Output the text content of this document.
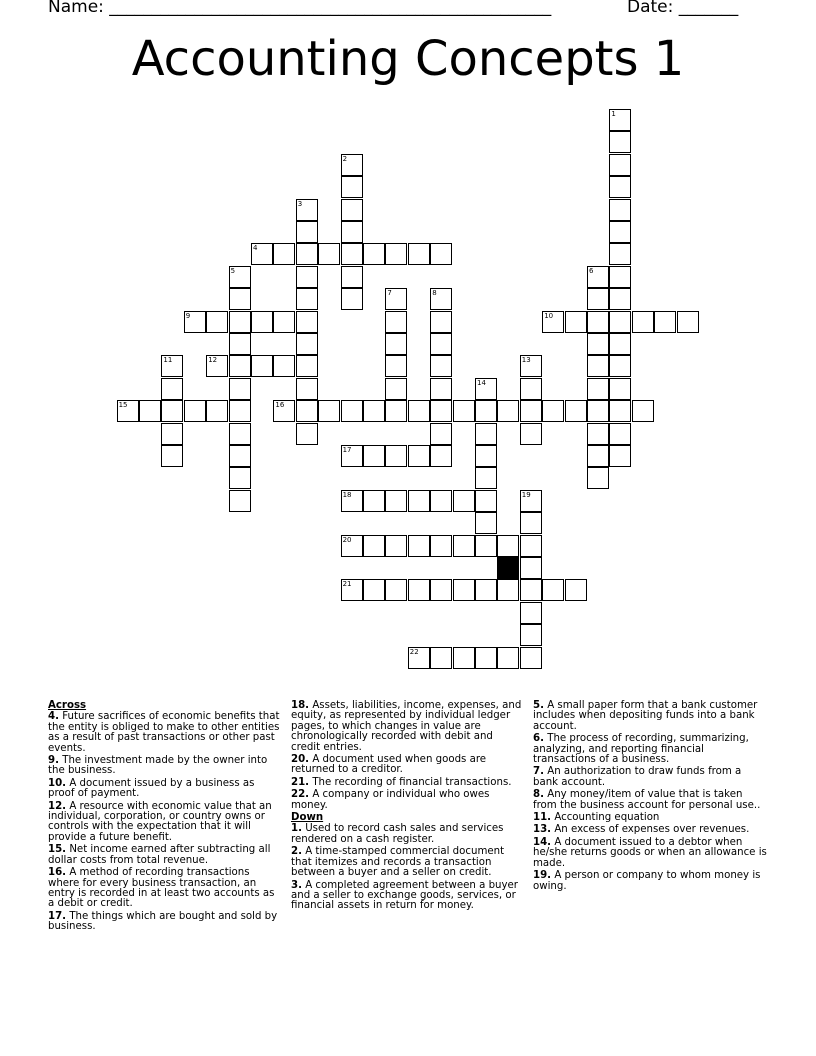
Name: ____________________________________________________	Date: _______
Accounting Concepts 1
1
2
3
4
5	6
7	8
9	10
11	12	13
14
15	16
17
18	19
20
21
22
Across
4. Future sacrifices of economic benefits that the entity is obliged to make to other entities as a result of past transactions or other past events.
9. The investment made by the owner into the business.
10. A document issued by a business as proof of payment.
12. A resource with economic value that an individual, corporation, or country owns or controls with the expectation that it will provide a future benefit.
15. Net income earned after subtracting all dollar costs from total revenue.
16. A method of recording transactions where for every business transaction, an entry is recorded in at least two accounts as a debit or credit.
17. The things which are bought and sold by business.
18. Assets, liabilities, income, expenses, and equity, as represented by individual ledger pages, to which changes in value are chronologically recorded with debit and credit entries.
20. A document used when goods are returned to a creditor.
21. The recording of financial transactions.
22. A company or individual who owes money.
Down
1. Used to record cash sales and services rendered on a cash register.
2. A time-stamped commercial document that itemizes and records a transaction between a buyer and a seller on credit.
3. A completed agreement between a buyer and a seller to exchange goods, services, or financial assets in return for money.
5. A small paper form that a bank customer includes when depositing funds into a bank account.
6. The process of recording, summarizing, analyzing, and reporting financial transactions of a business.
7. An authorization to draw funds from a bank account.
8. Any money/item of value that is taken from the business account for personal use..
11. Accounting equation
13. An excess of expenses over revenues.
14. A document issued to a debtor when he/she returns goods or when an allowance is made.
19. A person or company to whom money is owing.
